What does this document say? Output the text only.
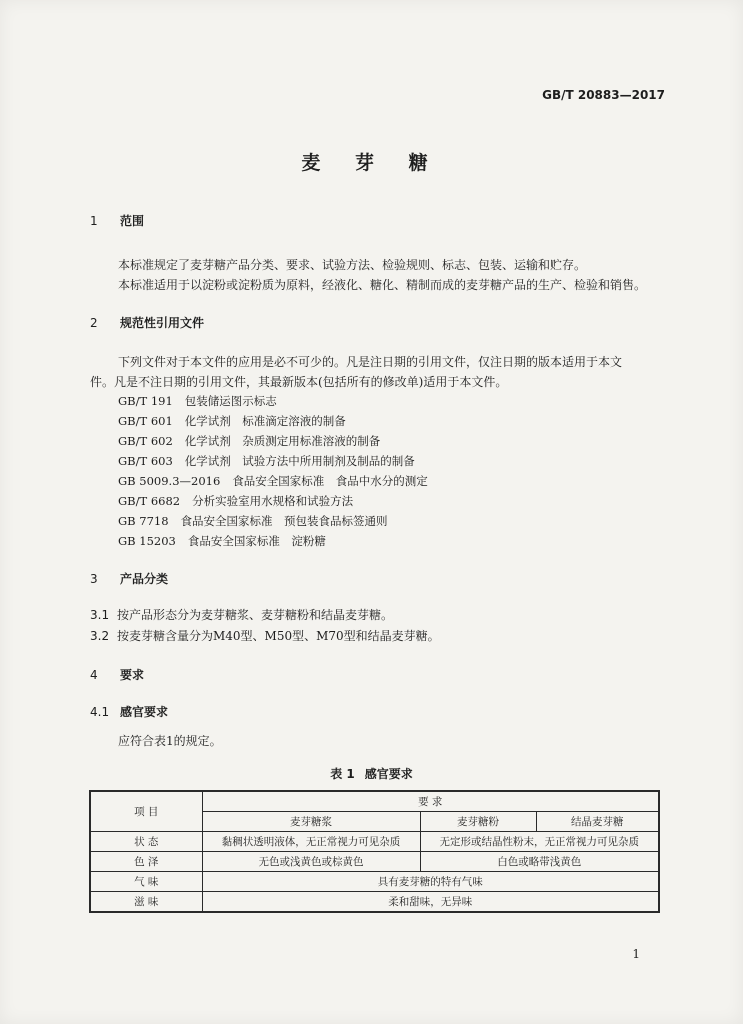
GB/T 20883—2017
麦 芽 糖
1 范围
本标准规定了麦芽糖产品分类、要求、试验方法、检验规则、标志、包装、运输和贮存。
本标准适用于以淀粉或淀粉质为原料，经液化、糖化、精制而成的麦芽糖产品的生产、检验和销售。
2 规范性引用文件
下列文件对于本文件的应用是必不可少的。凡是注日期的引用文件，仅注日期的版本适用于本文
件。凡是不注日期的引用文件，其最新版本(包括所有的修改单)适用于本文件。
GB/T 191 包装储运图示标志
GB/T 601 化学试剂　标准滴定溶液的制备
GB/T 602 化学试剂　杂质测定用标准溶液的制备
GB/T 603 化学试剂　试验方法中所用制剂及制品的制备
GB 5009.3—2016 食品安全国家标准　食品中水分的测定
GB/T 6682 分析实验室用水规格和试验方法
GB 7718 食品安全国家标准　预包装食品标签通则
GB 15203 食品安全国家标准　淀粉糖
3 产品分类
3.1 按产品形态分为麦芽糖浆、麦芽糖粉和结晶麦芽糖。
3.2 按麦芽糖含量分为M40型、M50型、M70型和结晶麦芽糖。
4 要求
4.1 感官要求
应符合表1的规定。
表 1 感官要求
项 目	要 求		
	麦芽糖浆	麦芽糖粉	结晶麦芽糖
状 态	黏稠状透明液体，无正常视力可见杂质	无定形或结晶性粉末，无正常视力可见杂质	
色 泽	无色或浅黄色或棕黄色	白色或略带浅黄色	
气 味	具有麦芽糖的特有气味		
滋 味	柔和甜味，无异味		
1
